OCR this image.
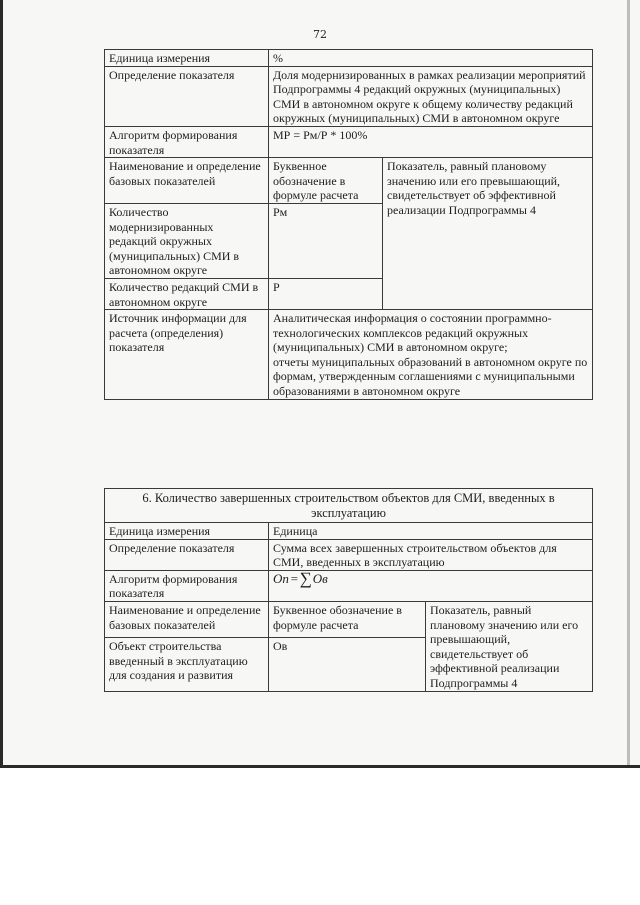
72
Единица измерения	%	
Определение показателя	Доля модернизированных в рамках реализации мероприятий Подпрограммы 4 редакций окружных (муниципальных) СМИ в автономном округе к общему количеству редакций окружных (муниципальных) СМИ в автономном округе	
Алгоритм формирования показателя	МР = Рм/Р * 100%	
Наименование и определение базовых показателей	Буквенное обозначение в формуле расчета	Показатель, равный плановому значению или его превышающий, свидетельствует об эффективной реализации Подпрограммы 4
Количество модернизированных редакций окружных (муниципальных) СМИ в автономном округе	Рм	
Количество редакций СМИ в автономном округе	Р	
Источник информации для расчета (определения) показателя	Аналитическая информация о состоянии программно-технологических комплексов редакций окружных (муниципальных) СМИ в автономном округе;
отчеты муниципальных образований в автономном округе по формам, утвержденным соглашениями с муниципальными образованиями в автономном округе	
6. Количество завершенных строительством объектов для СМИ, введенных в эксплуатацию		
Единица измерения	Единица	
Определение показателя	Сумма всех завершенных строительством объектов для СМИ, введенных в эксплуатацию	
Алгоритм формирования показателя	Оп = ∑ Ов	

Наименование и определение базовых показателей	Буквенное обозначение в формуле расчета	Показатель, равный плановому значению или его превышающий, свидетельствует об эффективной реализации Подпрограммы 4
Объект строительства введенный в эксплуатацию для создания и развития	Ов	
